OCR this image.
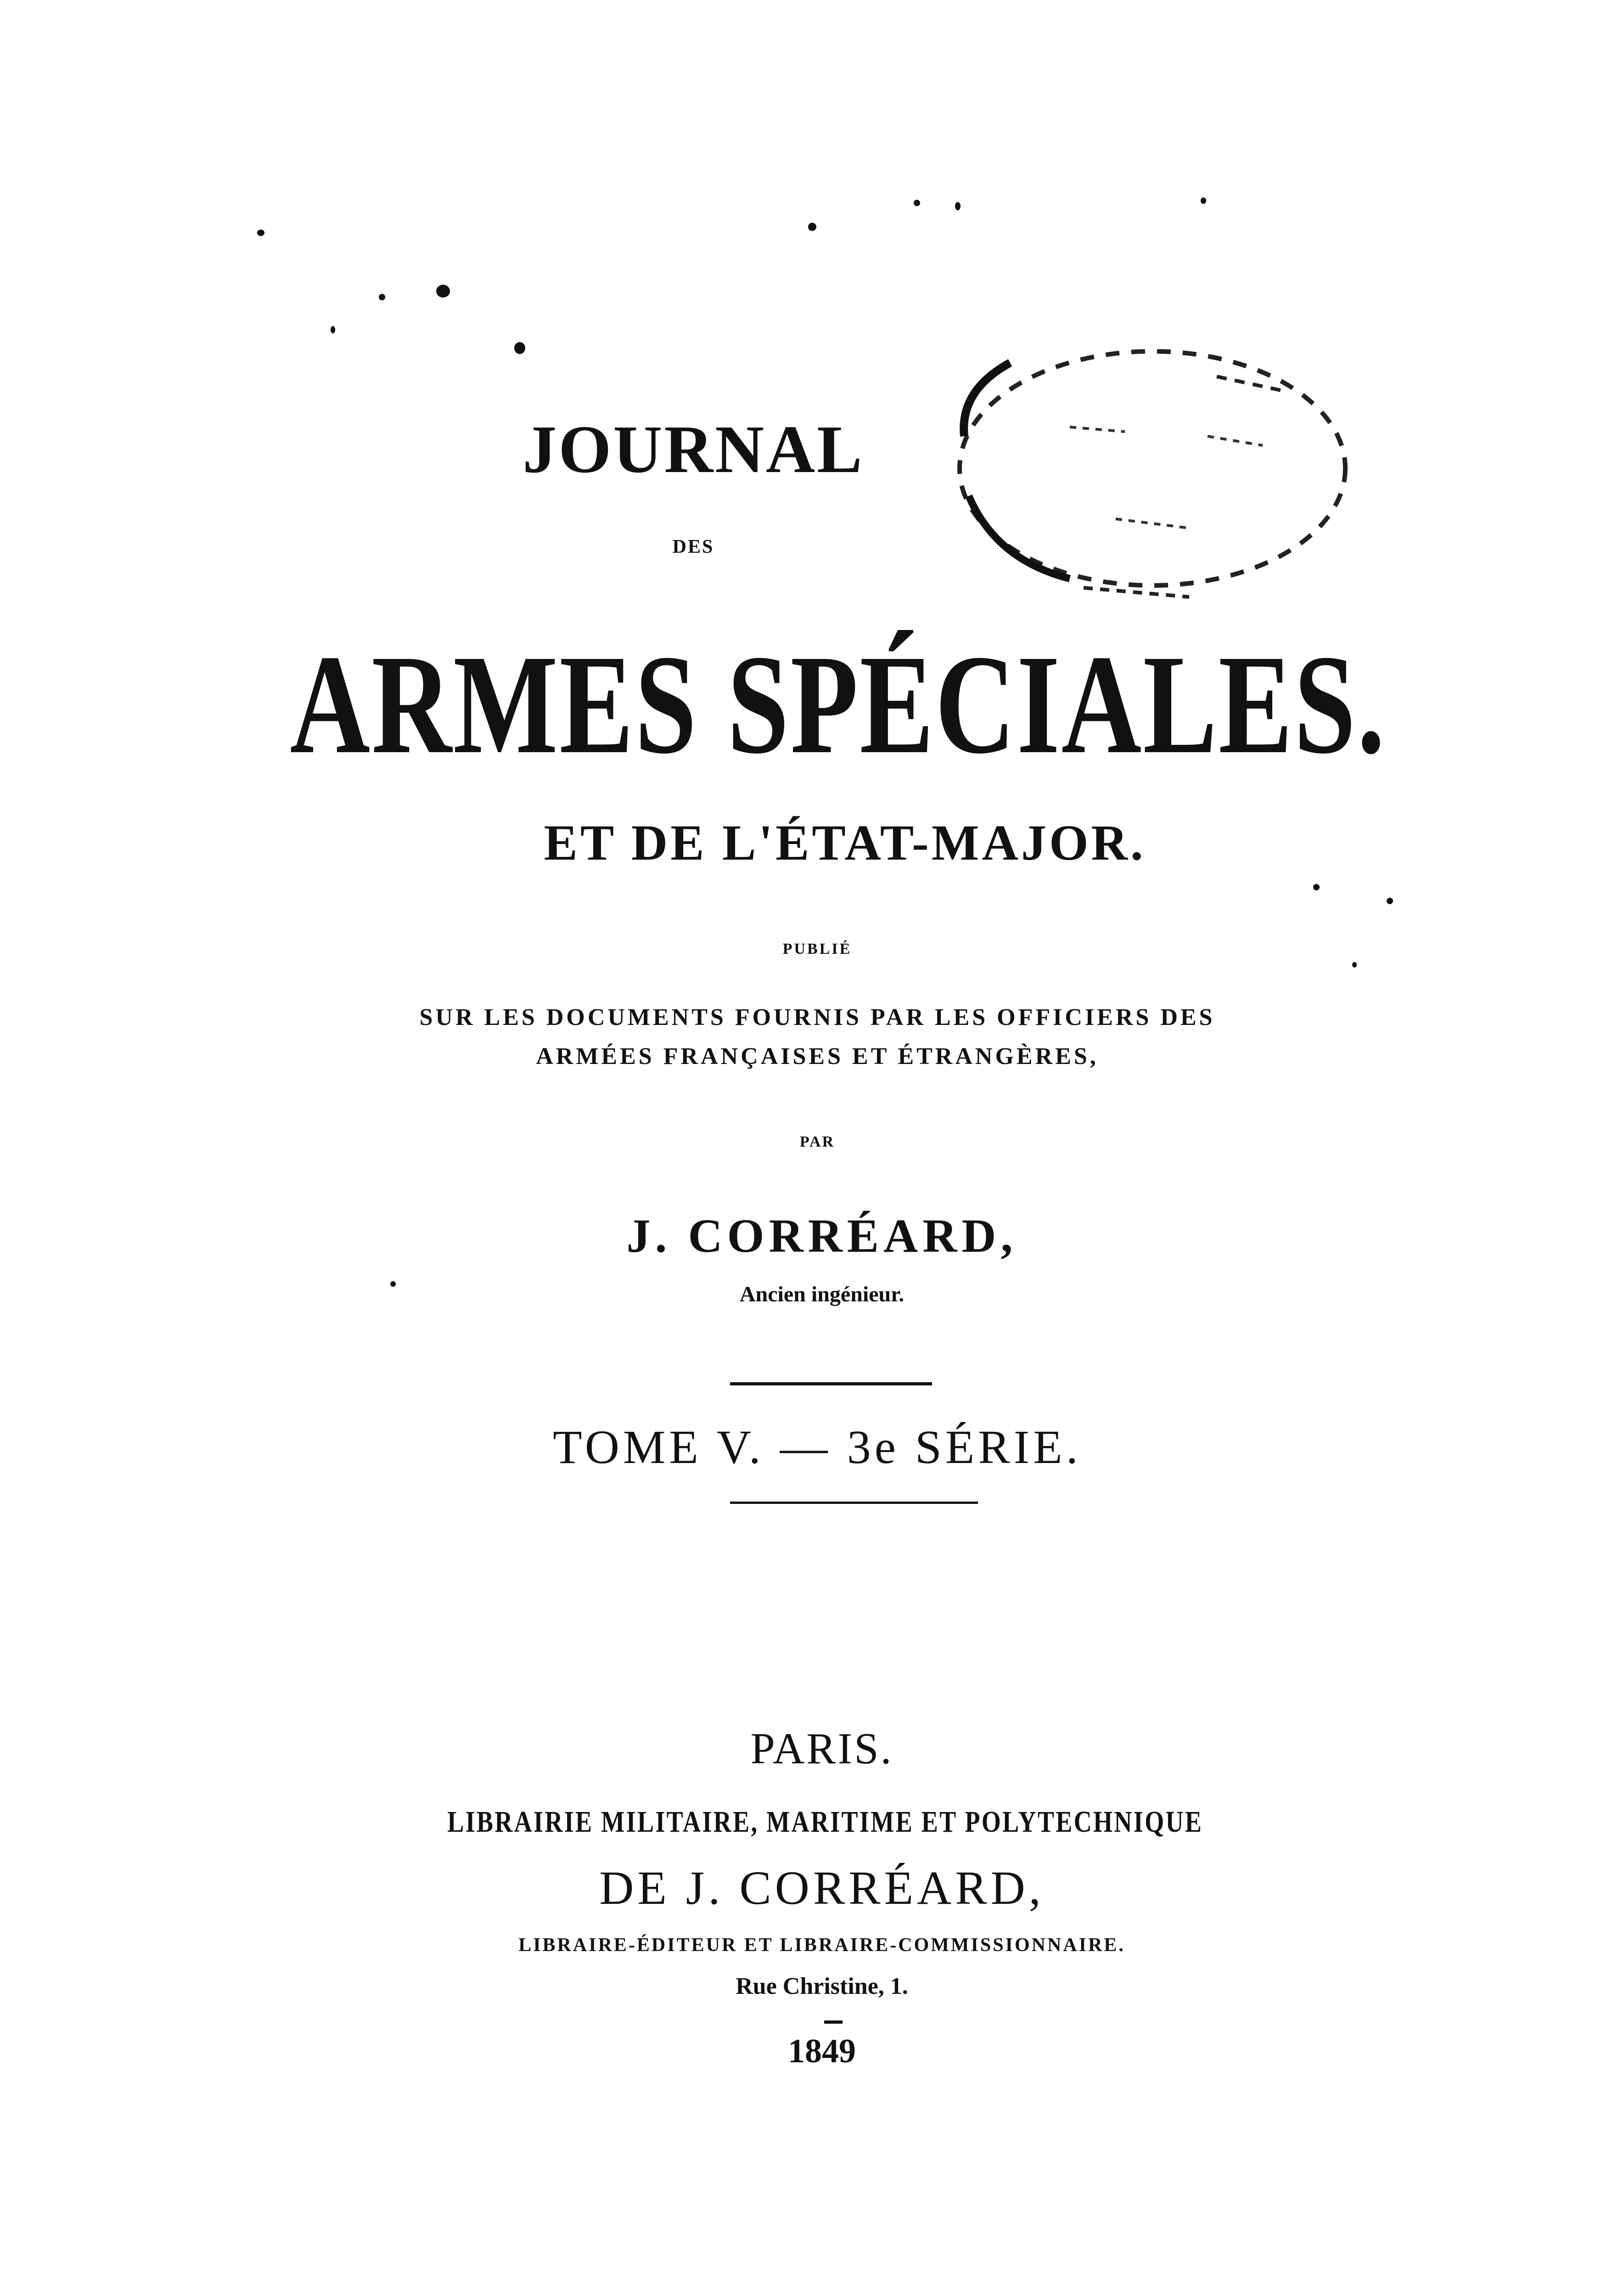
JOURNAL
DES
ARMES SPÉCIALES.
ET DE L'ÉTAT-MAJOR.
PUBLIÉ
SUR LES DOCUMENTS FOURNIS PAR LES OFFICIERS DES
ARMÉES FRANÇAISES ET ÉTRANGÈRES,
PAR
J. CORRÉARD,
Ancien ingénieur.
TOME V. — 3e SÉRIE.
PARIS.
LIBRAIRIE MILITAIRE, MARITIME ET POLYTECHNIQUE
DE J. CORRÉARD,
LIBRAIRE-ÉDITEUR ET LIBRAIRE-COMMISSIONNAIRE.
Rue Christine, 1.
1849
